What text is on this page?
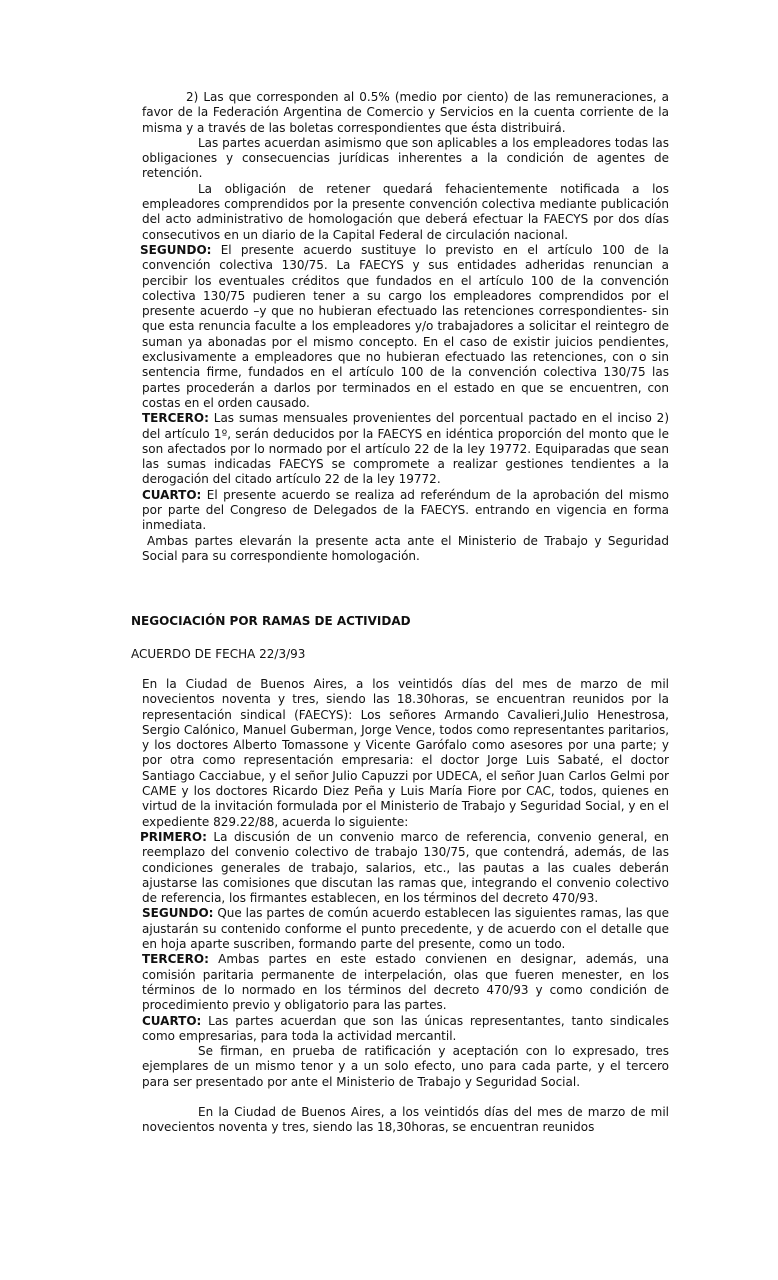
2) Las que corresponden al 0.5% (medio por ciento) de las remuneraciones, a favor de la Federación Argentina de Comercio y Servicios en la cuenta corriente de la misma y a través de las boletas correspondientes que ésta distribuirá.

Las partes acuerdan asimismo que son aplicables a los empleadores todas las obligaciones y consecuencias jurídicas inherentes a la condición de agentes de retención.

La obligación de retener quedará fehacientemente notificada a los empleadores comprendidos por la presente convención colectiva mediante publicación del acto administrativo de homologación que deberá efectuar la FAECYS por dos días consecutivos en un diario de la Capital Federal de circulación nacional.

SEGUNDO: El presente acuerdo sustituye lo previsto en el artículo 100 de la convención colectiva 130/75. La FAECYS y sus entidades adheridas renuncian a percibir los eventuales créditos que fundados en el artículo 100 de la convención colectiva 130/75 pudieren tener a su cargo los empleadores comprendidos por el presente acuerdo –y que no hubieran efectuado las retenciones correspondientes- sin que esta renuncia faculte a los empleadores y/o trabajadores a solicitar el reintegro de suman ya abonadas por el mismo concepto. En el caso de existir juicios pendientes, exclusivamente a empleadores que no hubieran efectuado las retenciones, con o sin sentencia firme, fundados en el artículo 100 de la convención colectiva 130/75 las partes procederán a darlos por terminados en el estado en que se encuentren, con costas en el orden causado.

TERCERO: Las sumas mensuales provenientes del porcentual pactado en el inciso 2) del artículo 1º, serán deducidos por la FAECYS en idéntica proporción del monto que le son afectados por lo normado por el artículo 22 de la ley 19772. Equiparadas que sean las sumas indicadas FAECYS se compromete a realizar gestiones tendientes a la derogación del citado artículo 22 de la ley 19772.

CUARTO: El presente acuerdo se realiza ad referéndum de la aprobación del mismo por parte del Congreso de Delegados de la FAECYS. entrando en vigencia en forma inmediata.

Ambas partes elevarán la presente acta ante el Ministerio de Trabajo y Seguridad Social para su correspondiente homologación.

NEGOCIACIÓN POR RAMAS DE ACTIVIDAD
ACUERDO DE FECHA 22/3/93

En la Ciudad de Buenos Aires, a los veintidós días del mes de marzo de mil novecientos noventa y tres, siendo las 18.30horas, se encuentran reunidos por la representación sindical (FAECYS): Los señores Armando Cavalieri,Julio Henestrosa, Sergio Calónico, Manuel Guberman, Jorge Vence, todos como representantes paritarios, y los doctores Alberto Tomassone y Vicente Garófalo como asesores por una parte; y por otra como representación empresaria: el doctor Jorge Luis Sabaté, el doctor Santiago Cacciabue, y el señor Julio Capuzzi por UDECA, el señor Juan Carlos Gelmi por CAME y los doctores Ricardo Diez Peña y Luis María Fiore por CAC, todos, quienes en virtud de la invitación formulada por el Ministerio de Trabajo y Seguridad Social, y en el expediente 829.22/88, acuerda lo siguiente:

PRIMERO: La discusión de un convenio marco de referencia, convenio general, en reemplazo del convenio colectivo de trabajo 130/75, que contendrá, además, de las condiciones generales de trabajo, salarios, etc., las pautas a las cuales deberán ajustarse las comisiones que discutan las ramas que, integrando el convenio colectivo de referencia, los firmantes establecen, en los términos del decreto 470/93.

SEGUNDO: Que las partes de común acuerdo establecen las siguientes ramas, las que ajustarán su contenido conforme el punto precedente, y de acuerdo con el detalle que en hoja aparte suscriben, formando parte del presente, como un todo.

TERCERO: Ambas partes en este estado convienen en designar, además, una comisión paritaria permanente de interpelación, olas que fueren menester, en los términos de lo normado en los términos del decreto 470/93 y como condición de procedimiento previo y obligatorio para las partes.

CUARTO: Las partes acuerdan que son las únicas representantes, tanto sindicales como empresarias, para toda la actividad mercantil.

Se firman, en prueba de ratificación y aceptación con lo expresado, tres ejemplares de un mismo tenor y a un solo efecto, uno para cada parte, y el tercero para ser presentado por ante el Ministerio de Trabajo y Seguridad Social.

En la Ciudad de Buenos Aires, a los veintidós días del mes de marzo de mil novecientos noventa y tres, siendo las 18,30horas, se encuentran reunidos
